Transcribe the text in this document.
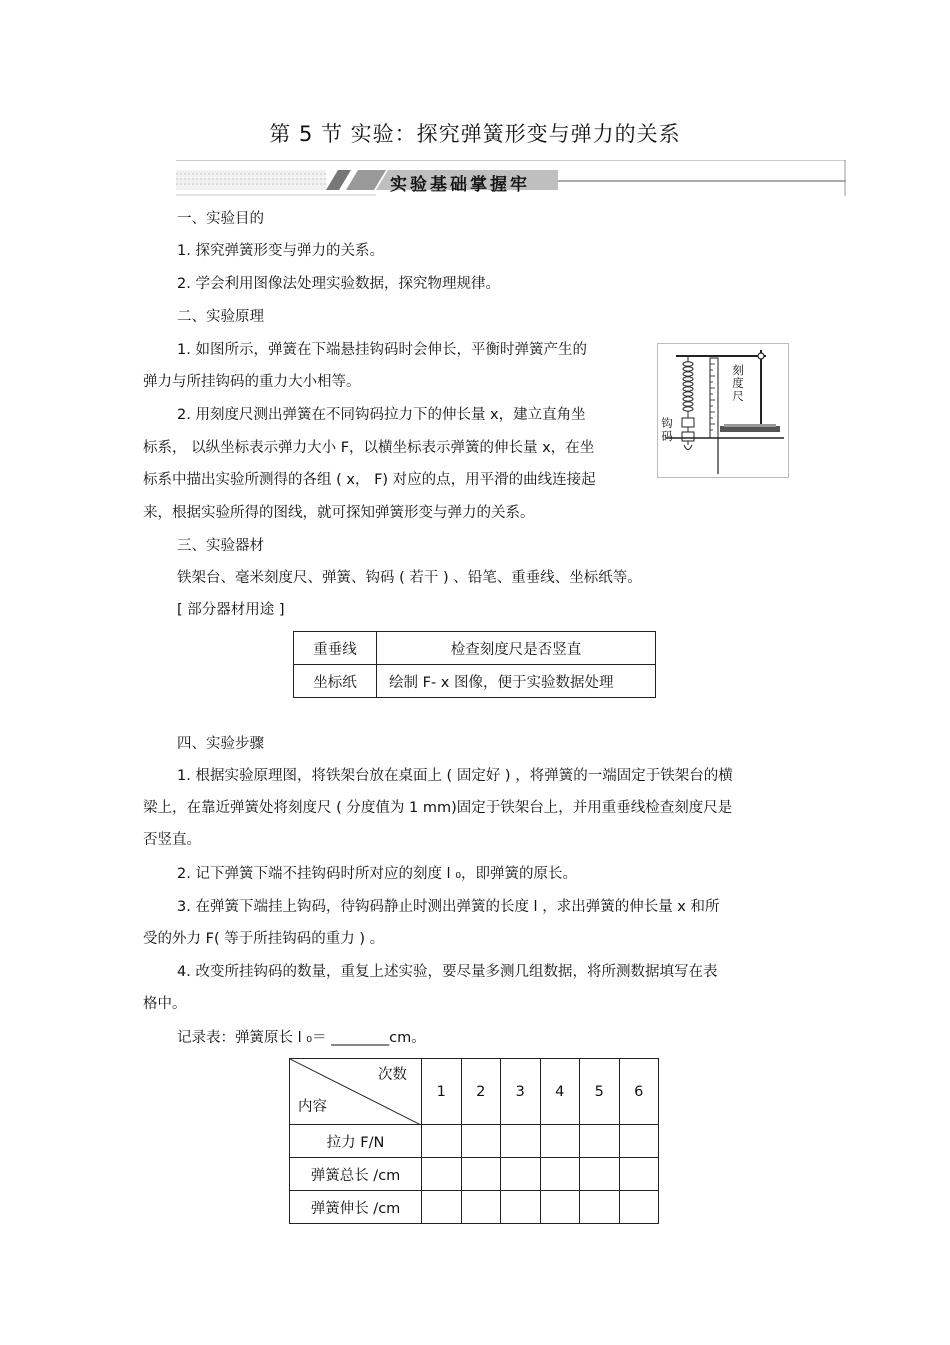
第 5 节 实验：探究弹簧形变与弹力的关系
实验基础掌握牢
一、实验目的
1. 探究弹簧形变与弹力的关系。
2. 学会利用图像法处理实验数据，探究物理规律。
二、实验原理
1. 如图所示，弹簧在下端悬挂钩码时会伸长，平衡时弹簧产生的
弹力与所挂钩码的重力大小相等。
2. 用刻度尺测出弹簧在不同钩码拉力下的伸长量 x，建立直角坐
标系， 以纵坐标表示弹力大小 F，以横坐标表示弹簧的伸长量 x，在坐
标系中描出实验所测得的各组 ( x， F) 对应的点，用平滑的曲线连接起
来，根据实验所得的图线，就可探知弹簧形变与弹力的关系。
刻度尺
钩码
三、实验器材
铁架台、毫米刻度尺、弹簧、钩码 ( 若干 ) 、铅笔、重垂线、坐标纸等。
[ 部分器材用途 ]
重垂线	检查刻度尺是否竖直
坐标纸	绘制 F- x 图像，便于实验数据处理
四、实验步骤
1. 根据实验原理图，将铁架台放在桌面上 ( 固定好 ) ，将弹簧的一端固定于铁架台的横
梁上，在靠近弹簧处将刻度尺 ( 分度值为 1 mm)固定于铁架台上，并用重垂线检查刻度尺是
否竖直。
2. 记下弹簧下端不挂钩码时所对应的刻度 l ₀，即弹簧的原长。
3. 在弹簧下端挂上钩码，待钩码静止时测出弹簧的长度 l ，求出弹簧的伸长量 x 和所
受的外力 F( 等于所挂钩码的重力 ) 。
4. 改变所挂钩码的数量，重复上述实验，要尽量多测几组数据，将所测数据填写在表
格中。
记录表：弹簧原长 l ₀＝ ________cm。
次数
内容	1	2	3	4	5	6
拉力 F/N						
弹簧总长 /cm						
弹簧伸长 /cm						
